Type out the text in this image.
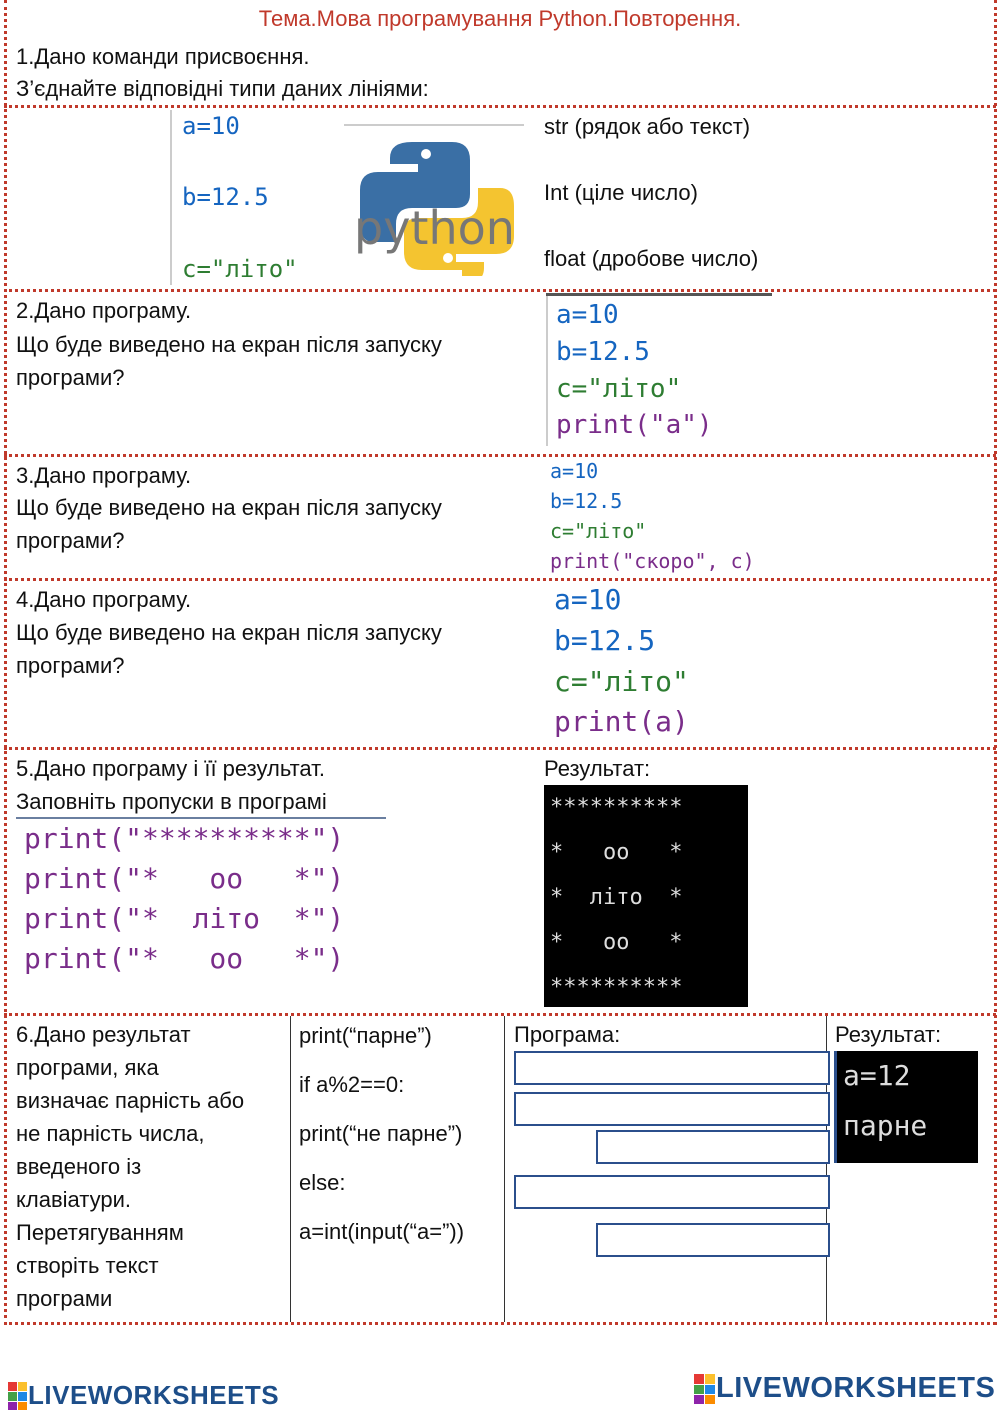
Тема.Мова програмування Python.Повторення.
1.Дано команди присвоєння.
З’єднайте відповідні типи даних лініями:
a=10
b=12.5
c="літо"
python
str (рядок або текст)
Int (ціле число)
float (дробове число)
2.Дано програму.
Що буде виведено на екран після запуску
програми?
a=10
b=12.5
c="літо"
print("a")
3.Дано програму.
Що буде виведено на екран після запуску
програми?
a=10
b=12.5
c="літо"
print("скоро", c)
4.Дано програму.
Що буде виведено на екран після запуску
програми?
a=10
b=12.5
c="літо"
print(a)
5.Дано програму і її результат.
Заповніть пропуски в програмі
print("**********")
print("*   oo   *")
print("*  літо  *")
print("*   oo   *")
Результат:
**********
*   oo   *
*  літо  *
*   oo   *
**********
6.Дано результат
програми, яка
визначає парність або
не парність числа,
введеного із
клавіатури.
Перетягуванням
створіть текст
програми
print(“парне”)
if a%2==0:
print(“не парне”)
else:
a=int(input(“a=”))
Програма:	Результат:
a=12
парне
LIVEWORKSHEETS	LIVEWORKSHEETS
